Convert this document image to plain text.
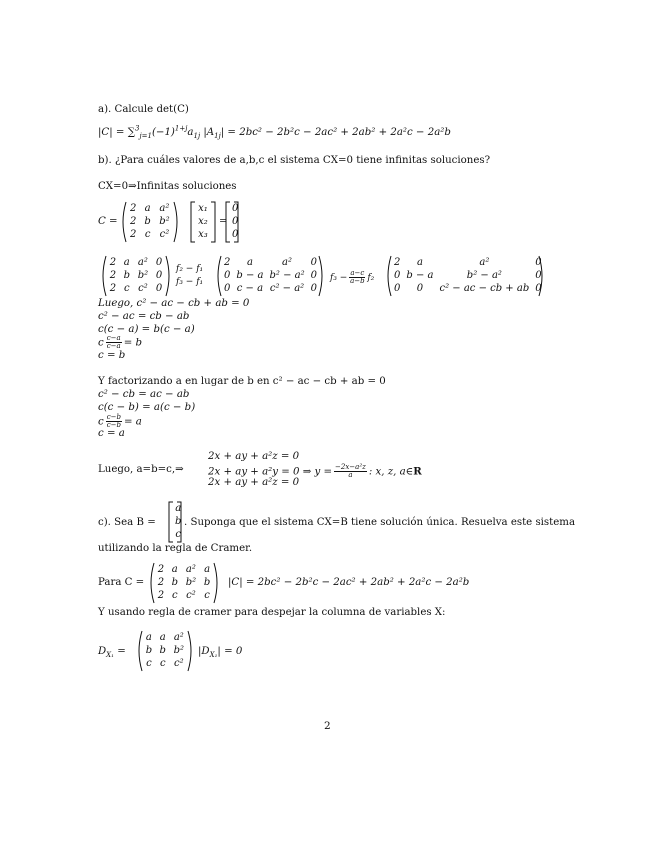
a). Calcule det(C)
$|C| = \sum^3_{j=1}(-1)^{1+j}a_{1j}$ $|A_{1j}| = 2bc^2 - 2b^2c - 2ac^2 + 2ab^2 + 2a^2c - 2a^2b$
b). ¿Para cuáles valores de a,b,c el sistema CX=0 tiene infinitas soluciones?
CX=0⇒Infinitas soluciones
C =
2	a	a²
2	b	b²
2	c	c²
x₁
x₂
x₃
=
0
0
0
2	a	a²	0
2	b	b²	0
2	c	c²	0
f₂ − f₁
f₃ − f₁
2	a	a²	0
0	b − a	b² − a²	0
0	c − a	c² − a²	0
$f_3 - \frac{a-c}{a-b} f_2$
2	a	a²	0
0	b − a	b² − a²	0
0	0	c² − ac − cb + ab	0
Luego, c² − ac − cb + ab = 0
c² − ac = cb − ab
c(c − a) = b(c − a)
c $\frac{c-a}{c-a} = b$
c = b
Y factorizando a en lugar de b en c² − ac − cb + ab = 0
c² − cb = ac − ab
c(c − b) = a(c − b)
c $\frac{c-b}{c-b} = a$
c = a
2x + ay + a²z = 0
Luego, a=b=c,⇒ 2x + ay + a²y = 0 ⇒ $y = \frac{\text{−2x−a²z}}{a}$ : x, z, a∈R
2x + ay + a²z = 0
c). Sea B =
a
b
c
. Suponga que el sistema CX=B tiene solución única. Resuelva este sistema
utilizando la regla de Cramer.
Para C =
2	a	a²	a
2	b	b²	b
2	c	c²	c
|C| = 2bc² − 2b²c − 2ac² + 2ab² + 2a²c − 2a²b
Y usando regla de cramer para despejar la columna de variables X:
$D_{X_1}$ =
a	a	a²
b	b	b²
c	c	c²
$|D_{X_1}| = 0$
2
